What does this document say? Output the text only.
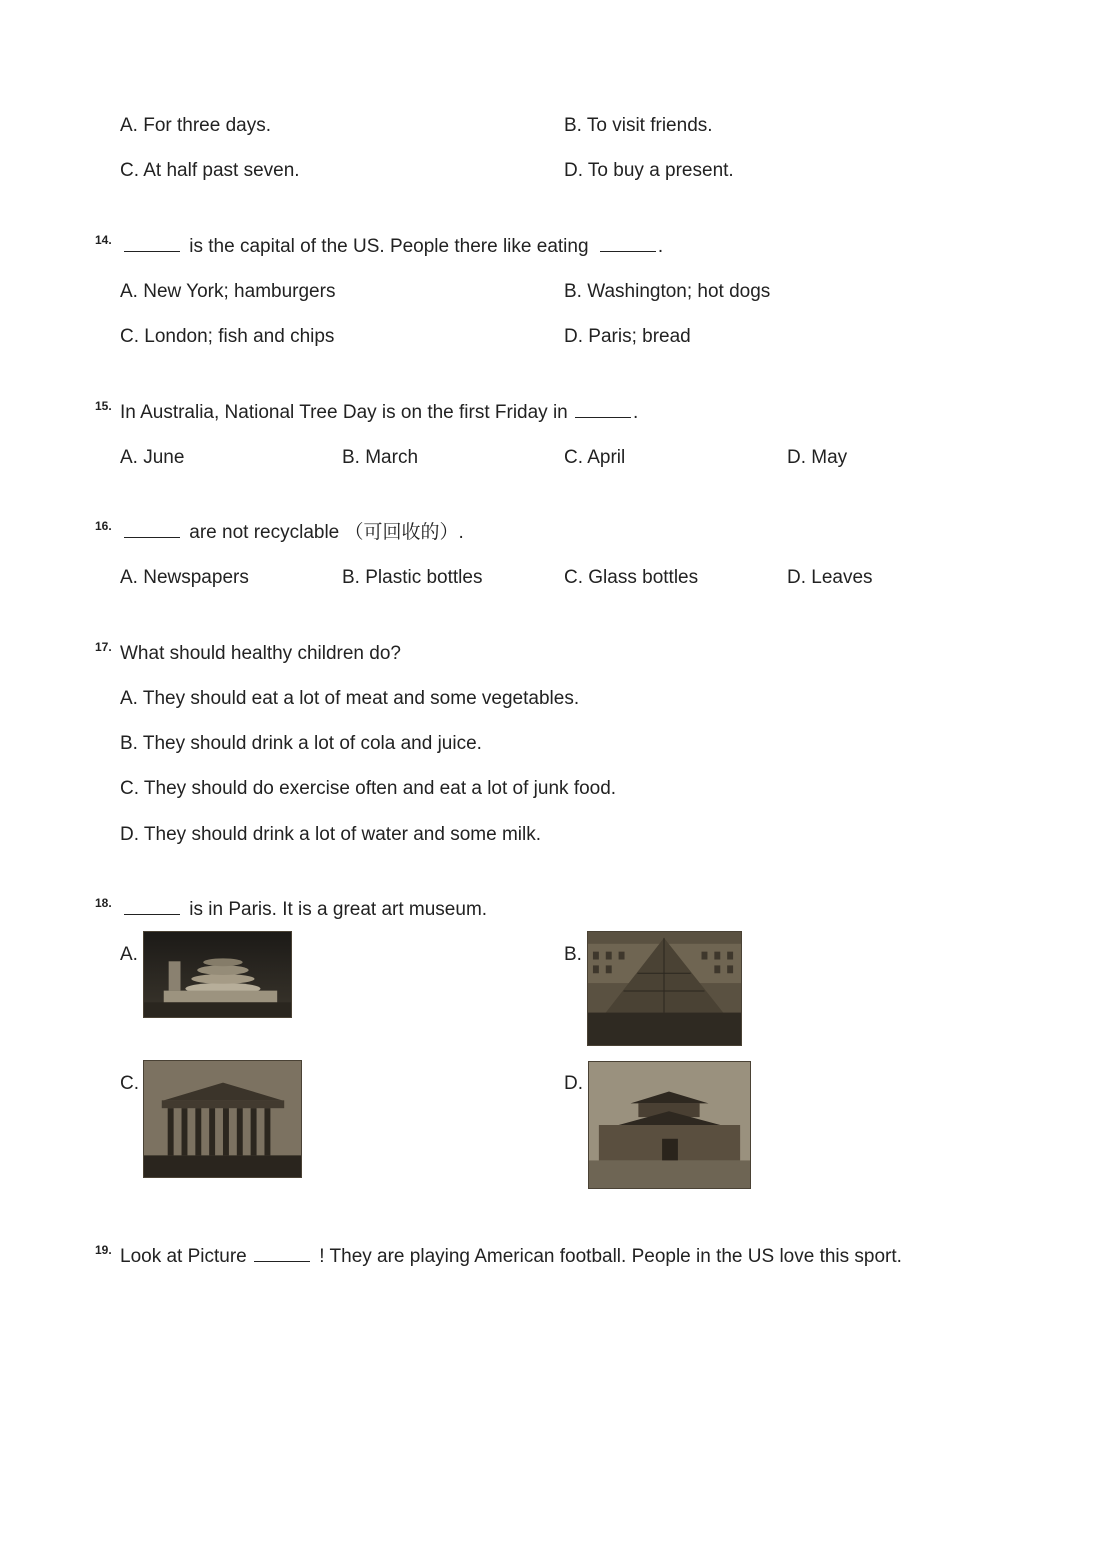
A. For three days.	B. To visit friends.
C. At half past seven.	D. To buy a present.
14.	is the capital of the US. People there like eating	.
A. New York; hamburgers	B. Washington; hot dogs
C. London; fish and chips	D. Paris; bread
15. In Australia, National Tree Day is on the first Friday in	.
A. June	B. March	C. April	D. May
16.	are not recyclable （可回收的）.
A. Newspapers	B. Plastic bottles	C. Glass bottles	D. Leaves
17. What should healthy children do?
A. They should eat a lot of meat and some vegetables.
B. They should drink a lot of cola and juice.
C. They should do exercise often and eat a lot of junk food.
D. They should drink a lot of water and some milk.
18.	is in Paris. It is a great art museum.
A.	B.
C.	D.
19. Look at Picture	! They are playing American football. People in the US love this sport.
